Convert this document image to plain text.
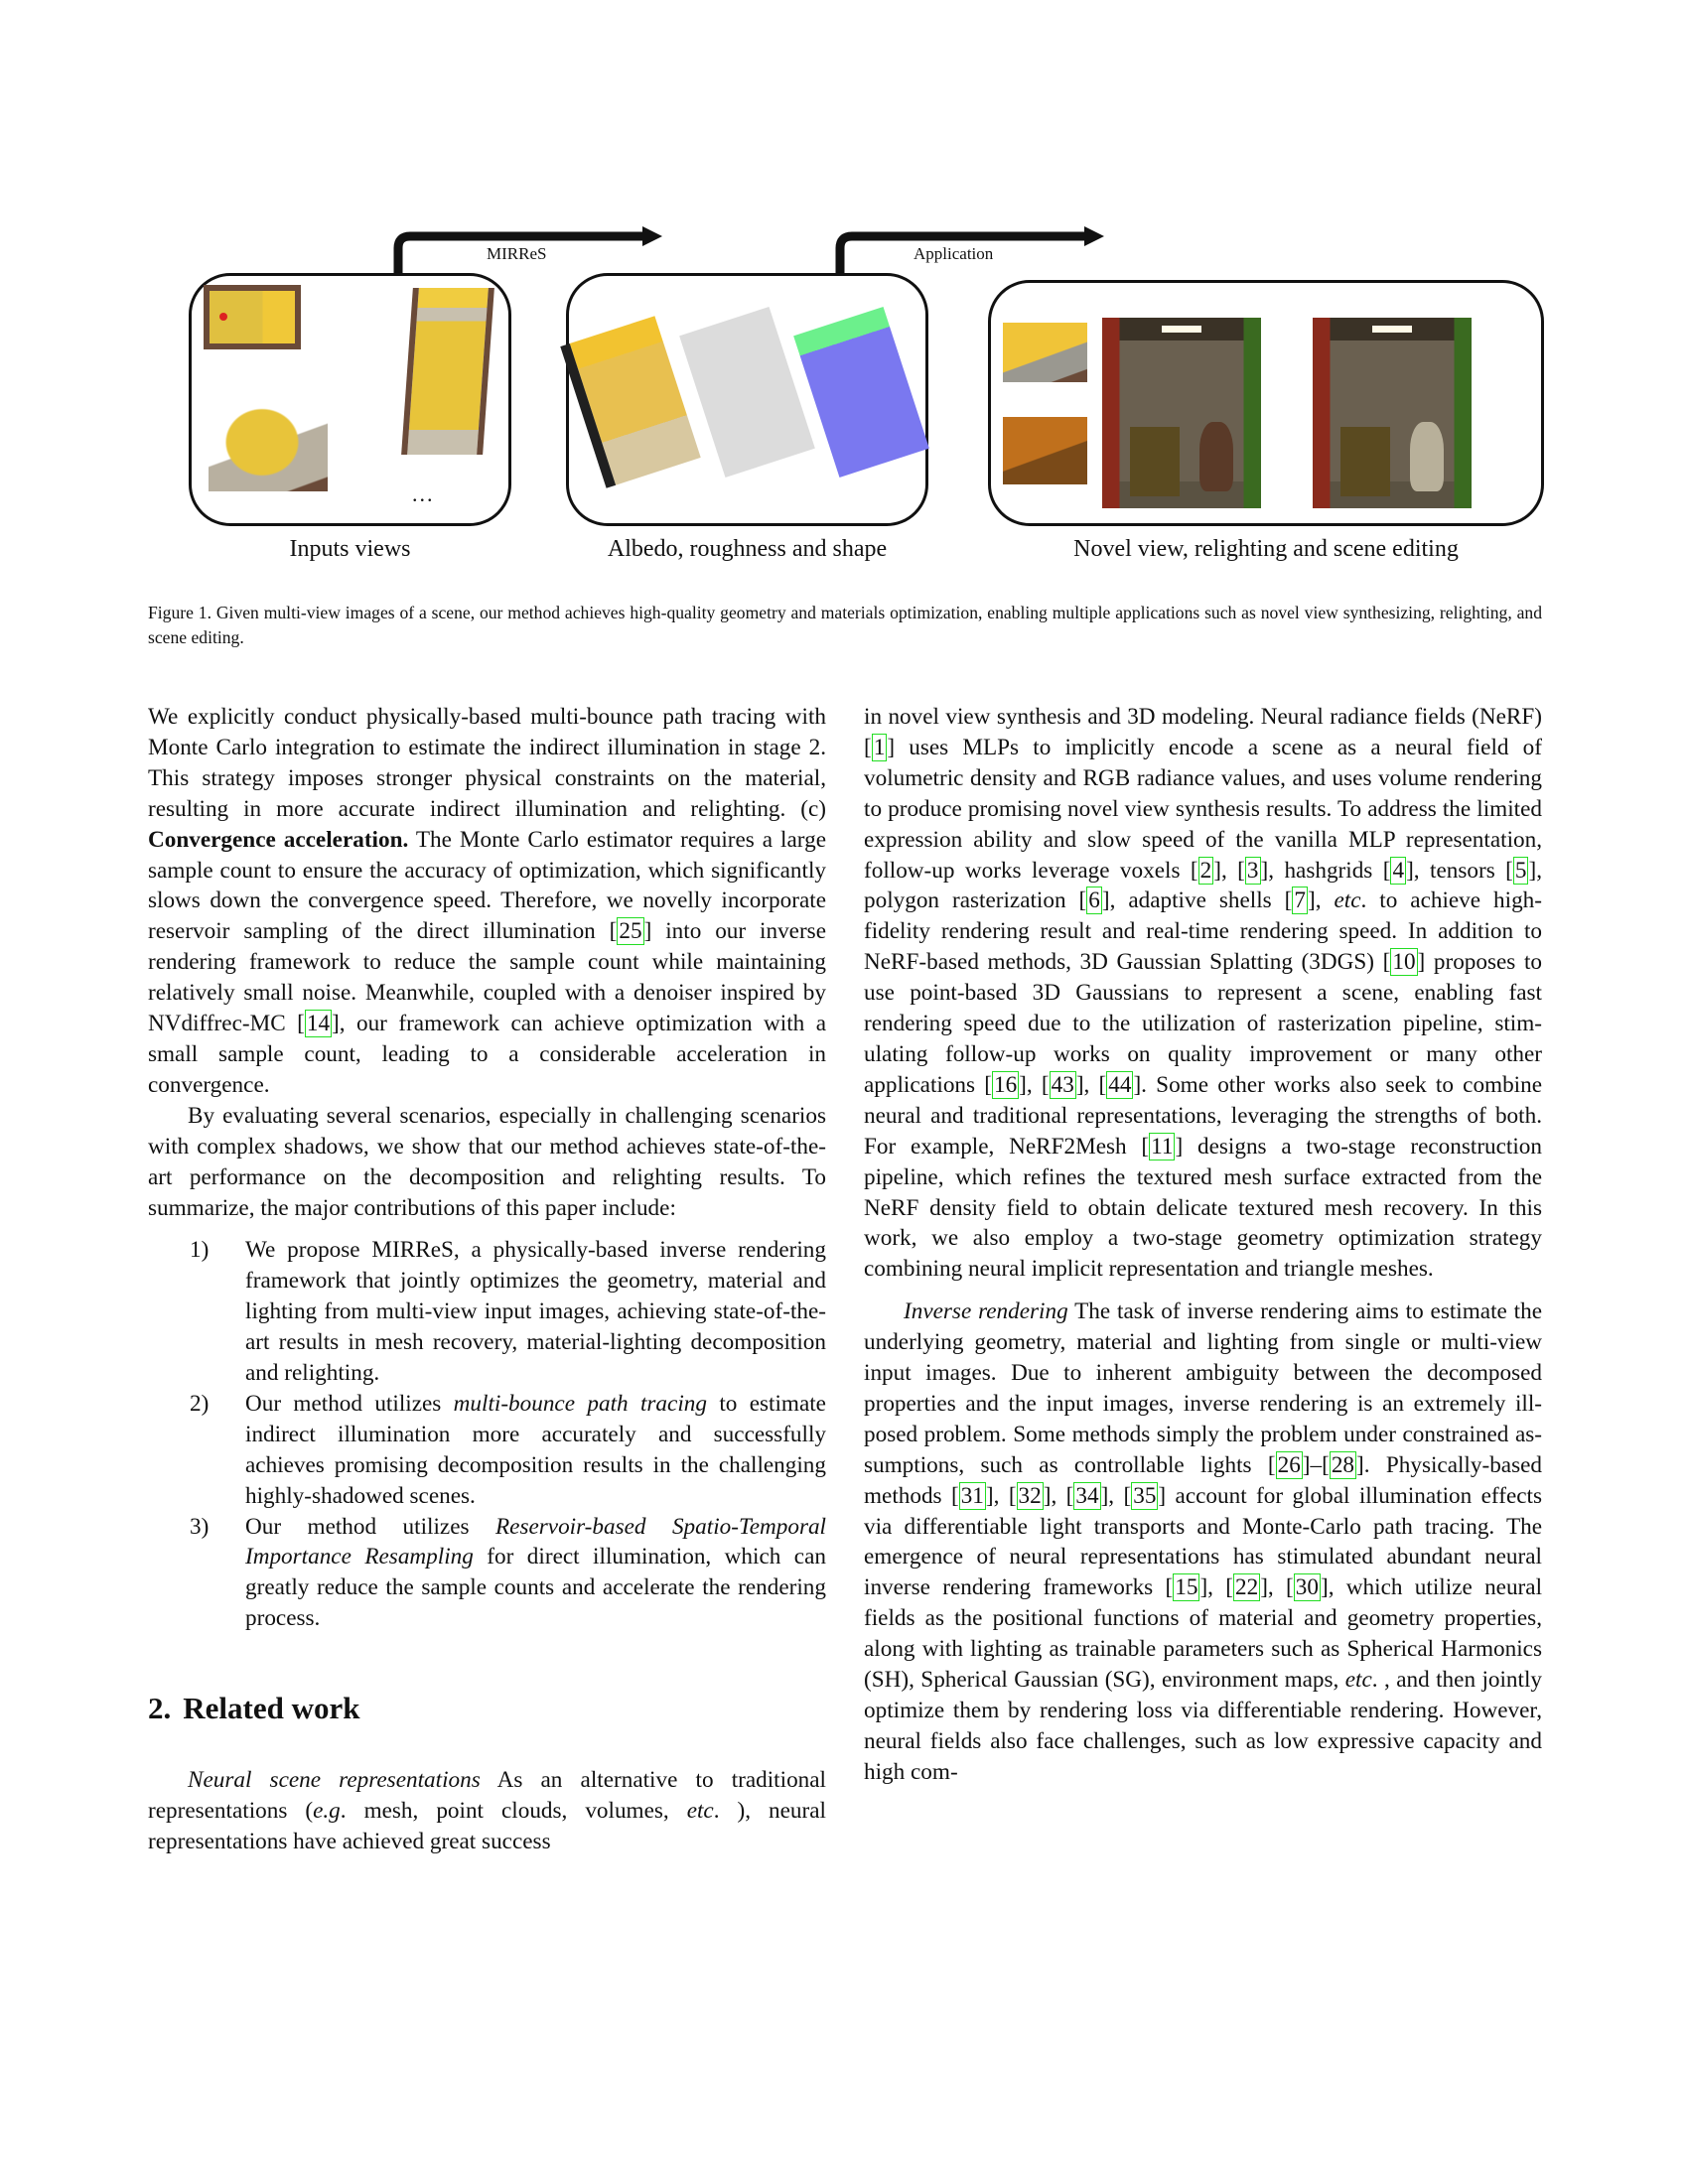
MIRReS	Application
...
Inputs views	Albedo, roughness and shape	Novel view, relighting and scene editing
Figure 1. Given multi-view images of a scene, our method achieves high-quality geometry and materials optimization, enabling multiple applications such as novel view synthesizing, relighting, and scene editing.

We explicitly conduct physically-based multi-bounce path tracing with Monte Carlo integration to estimate the indirect illumination in stage 2. This strategy imposes stronger physical constraints on the material, resulting in more accurate indirect illumination and relighting. (c) Convergence acceleration. The Monte Carlo estimator requires a large sample count to ensure the accuracy of optimization, which significantly slows down the convergence speed. Therefore, we novelly incorporate reservoir sampling of the direct illumination [25] into our inverse rendering framework to reduce the sample count while maintaining relatively small noise. Meanwhile, coupled with a denoiser inspired by NVdiffrec-MC [14], our framework can achieve optimization with a small sample count, leading to a considerable acceleration in convergence.

By evaluating several scenarios, especially in challenging scenarios with complex shadows, we show that our method achieves state-of-the-art performance on the decomposition and relighting results. To summarize, the major contributions of this paper include:

1) We propose MIRReS, a physically-based inverse rendering framework that jointly optimizes the geometry, material and lighting from multi-view input images, achieving state-of-the-art results in mesh recovery, material-lighting decomposition and relighting.
2) Our method utilizes multi-bounce path tracing to estimate indirect illumination more accurately and successfully achieves promising decomposition results in the challenging highly-shadowed scenes.
3) Our method utilizes Reservoir-based Spatio-Temporal Importance Resampling for direct illumination, which can greatly reduce the sample counts and accelerate the rendering process.
2. Related work

Neural scene representations As an alternative to traditional representations (e.g. mesh, point clouds, volumes, etc. ), neural representations have achieved great success

in novel view synthesis and 3D modeling. Neural radiance fields (NeRF) [1] uses MLPs to implicitly encode a scene as a neural field of volumetric density and RGB radiance values, and uses volume rendering to produce promising novel view synthesis results. To address the limited expression ability and slow speed of the vanilla MLP representation, follow-up works leverage voxels [2], [3], hashgrids [4], tensors [5], polygon rasterization [6], adaptive shells [7], etc. to achieve high-fidelity rendering result and real-time rendering speed. In addition to NeRF-based methods, 3D Gaussian Splatting (3DGS) [10] proposes to use point-based 3D Gaussians to represent a scene, enabling fast rendering speed due to the utilization of rasterization pipeline, stimulating follow-up works on quality improvement or many other applications [16], [43], [44]. Some other works also seek to combine neural and traditional representations, leveraging the strengths of both. For example, NeRF2Mesh [11] designs a two-stage reconstruction pipeline, which refines the textured mesh surface extracted from the NeRF density field to obtain delicate textured mesh recovery. In this work, we also employ a two-stage geometry optimization strategy combining neural implicit representation and triangle meshes.

Inverse rendering The task of inverse rendering aims to estimate the underlying geometry, material and lighting from single or multi-view input images. Due to inherent ambiguity between the decomposed properties and the input images, inverse rendering is an extremely ill-posed problem. Some methods simply the problem under constrained assumptions, such as controllable lights [26]–[28]. Physically-based methods [31], [32], [34], [35] account for global illumination effects via differentiable light transports and Monte-Carlo path tracing. The emergence of neural representations has stimulated abundant neural inverse rendering frameworks [15], [22], [30], which utilize neural fields as the positional functions of material and geometry properties, along with lighting as trainable parameters such as Spherical Harmonics (SH), Spherical Gaussian (SG), environment maps, etc. , and then jointly optimize them by rendering loss via differentiable rendering. However, neural fields also face challenges, such as low expressive capacity and high com-
